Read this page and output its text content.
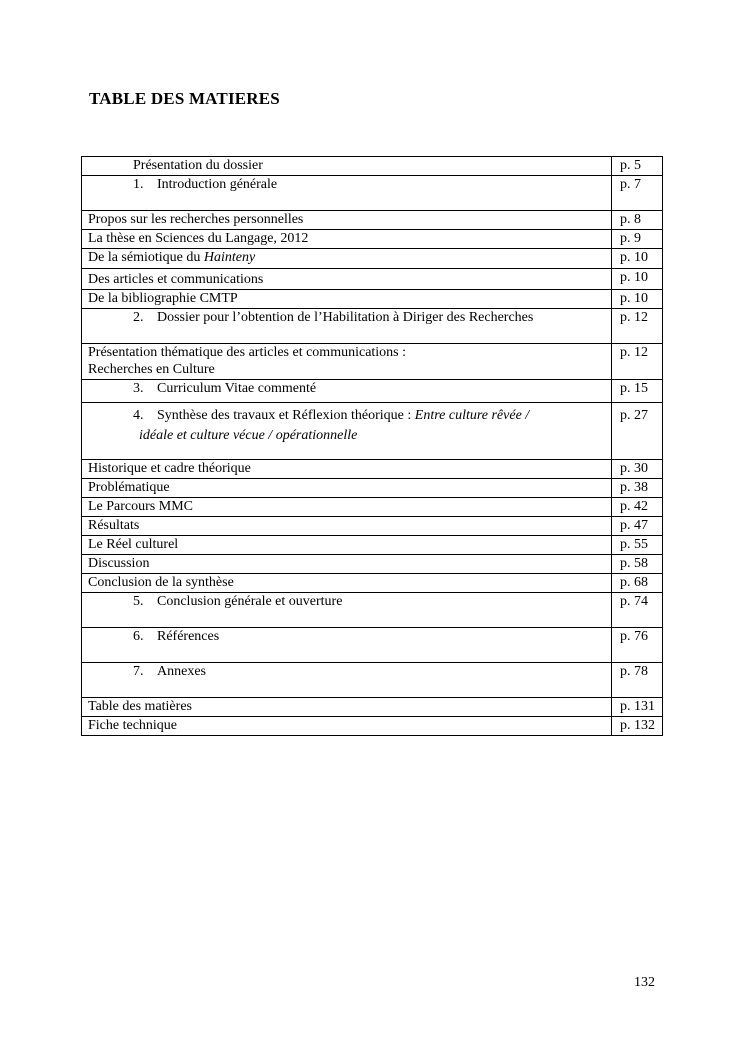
TABLE DES MATIERES
Présentation du dossier	p. 5
1. Introduction générale	p. 7
Propos sur les recherches personnelles	p. 8
La thèse en Sciences du Langage, 2012	p. 9
De la sémiotique du Hainteny	p. 10
Des articles et communications	p. 10
De la bibliographie CMTP	p. 10
2. Dossier pour l’obtention de l’Habilitation à Diriger des Recherches	p. 12
Présentation thématique des articles et communications :
Recherches en Culture	p. 12
3. Curriculum Vitae commenté	p. 15
4. Synthèse des travaux et Réflexion théorique : Entre culture rêvée /
idéale et culture vécue / opérationnelle	p. 27
Historique et cadre théorique	p. 30
Problématique	p. 38
Le Parcours MMC	p. 42
Résultats	p. 47
Le Réel culturel	p. 55
Discussion	p. 58
Conclusion de la synthèse	p. 68
5. Conclusion générale et ouverture	p. 74
6. Références	p. 76
7. Annexes	p. 78
Table des matières	p. 131
Fiche technique	p. 132
132
